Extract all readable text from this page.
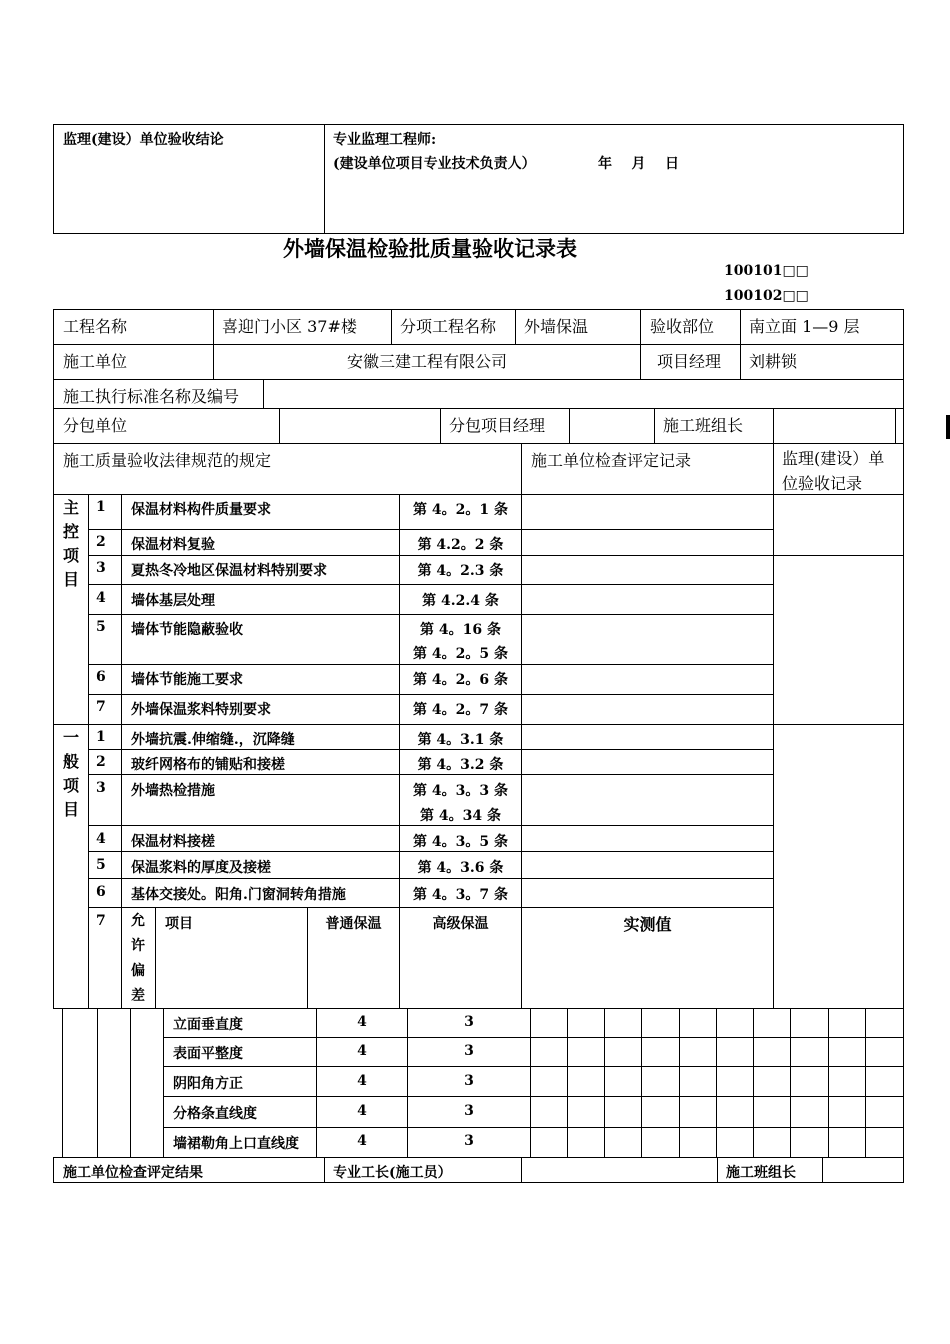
监理(建设）单位验收结论	专业监理工程师:
(建设单位项目专业技术负责人）	年    月    日
外墙保温检验批质量验收记录表
100101□□
100102□□
工程名称	喜迎门小区 37#楼	分项工程名称 外墙保温	验收部位 南立面 1—9 层
施工单位	安徽三建工程有限公司	项目经理 刘耕锁
施工执行标准名称及编号
分包单位	分包项目经理	施工班组长
施工质量验收法律规范的规定	施工单位检查评定记录	监理(建设）单位验收记录
主控项目
1 保温材料构件质量要求	第 4。2。1 条
2 保温材料复验	第 4.2。2 条
3 夏热冬冷地区保温材料特别要求	第 4。2.3 条
4 墙体基层处理	第 4.2.4 条
5 墙体节能隐蔽验收	第 4。16 条
第 4。2。5 条
6 墙体节能施工要求	第 4。2。6 条
7 外墙保温浆料特别要求	第 4。2。7 条
一般项目
1 外墙抗震.伸缩缝.，沉降缝	第 4。3.1 条
2 玻纤网格布的铺贴和接槎	第 4。3.2 条
3 外墙热检措施	第 4。3。3 条
第 4。34 条
4 保温材料接槎	第 4。3。5 条
5 保温浆料的厚度及接槎	第 4。3.6 条
6 基体交接处。阳角.门窗洞转角措施	第 4。3。7 条
7 允许偏差
项目	普通保温	高级保温	实测值
立面垂直度	4	3
表面平整度	4	3
阴阳角方正	4	3
分格条直线度	4	3
墙裙勒角上口直线度	4	3
施工单位检查评定结果	专业工长(施工员）	施工班组长
